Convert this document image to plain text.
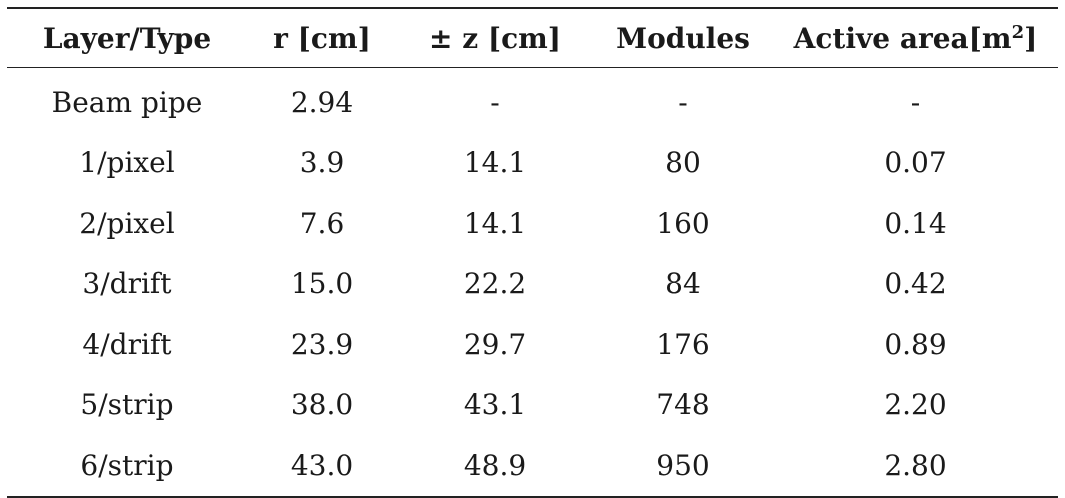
Layer/Type	r [cm]	± z [cm]	Modules	Active $area[m^2]$
Beam pipe	2.94	-	-	-
1/pixel	3.9	14.1	80	0.07
2/pixel	7.6	14.1	160	0.14
3/drift	15.0	22.2	84	0.42
4/drift	23.9	29.7	176	0.89
5/strip	38.0	43.1	748	2.20
6/strip	43.0	48.9	950	2.80
